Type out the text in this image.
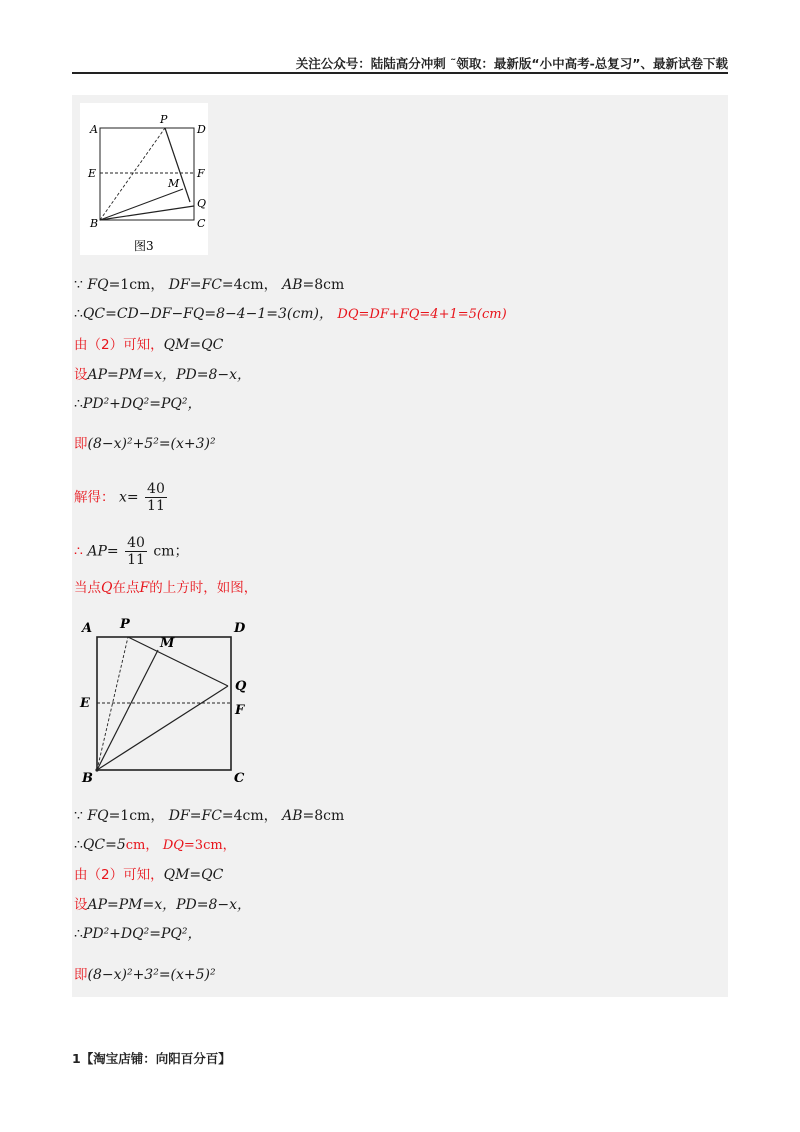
关注公众号：陆陆高分冲刺 ˜领取：最新版“小中高考-总复习”、最新试卷下载
A
P
D
E	F
M
Q
B	C
图3
∵ FQ=1cm， DF=FC=4cm， AB=8cm
∴QC=CD−DF−FQ=8−4−1=3(cm)， DQ=DF+FQ=4+1=5(cm)
由（2）可知，QM=QC
设AP=PM=x，PD=8−x，
∴PD²+DQ²=PQ²，
即(8−x)²+5²=(x+3)²
解得： $x= \frac{40}{11}$
∴ $AP= \frac{40}{11}$ cm；
当点Q在点F的上方时，如图，
A P	D
M
E
Q
F
B	C
∵ FQ=1cm， DF=FC=4cm， AB=8cm
∴QC=5cm， DQ=3cm，
由（2）可知，QM=QC
设AP=PM=x，PD=8−x，
∴PD²+DQ²=PQ²，
即(8−x)²+3²=(x+5)²
1【淘宝店铺：向阳百分百】
